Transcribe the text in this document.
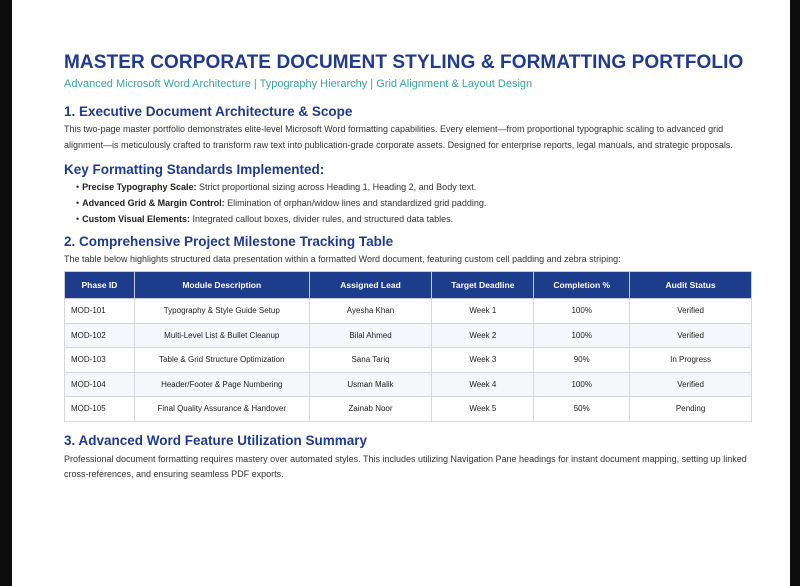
MASTER CORPORATE DOCUMENT STYLING & FORMATTING PORTFOLIO
Advanced Microsoft Word Architecture | Typography Hierarchy | Grid Alignment & Layout Design
1. Executive Document Architecture & Scope

This two-page master portfolio demonstrates elite-level Microsoft Word formatting capabilities. Every element—from proportional typographic scaling to advanced grid alignment—is meticulously crafted to transform raw text into publication-grade corporate assets. Designed for enterprise reports, legal manuals, and strategic proposals.

Key Formatting Standards Implemented:
• Precise Typography Scale: Strict proportional sizing across Heading 1, Heading 2, and Body text.
• Advanced Grid & Margin Control: Elimination of orphan/widow lines and standardized grid padding.
• Custom Visual Elements: Integrated callout boxes, divider rules, and structured data tables.
2. Comprehensive Project Milestone Tracking Table

The table below highlights structured data presentation within a formatted Word document, featuring custom cell padding and zebra striping:

Phase ID	Module Description	Assigned Lead	Target Deadline	Completion %	Audit Status
MOD-101	Typography & Style Guide Setup	Ayesha Khan	Week 1	100%	Verified
MOD-102	Multi-Level List & Bullet Cleanup	Bilal Ahmed	Week 2	100%	Verified
MOD-103	Table & Grid Structure Optimization	Sana Tariq	Week 3	90%	In Progress
MOD-104	Header/Footer & Page Numbering	Usman Malik	Week 4	100%	Verified
MOD-105	Final Quality Assurance & Handover	Zainab Noor	Week 5	50%	Pending
3. Advanced Word Feature Utilization Summary

Professional document formatting requires mastery over automated styles. This includes utilizing Navigation Pane headings for instant document mapping, setting up linked cross-references, and ensuring seamless PDF exports.
